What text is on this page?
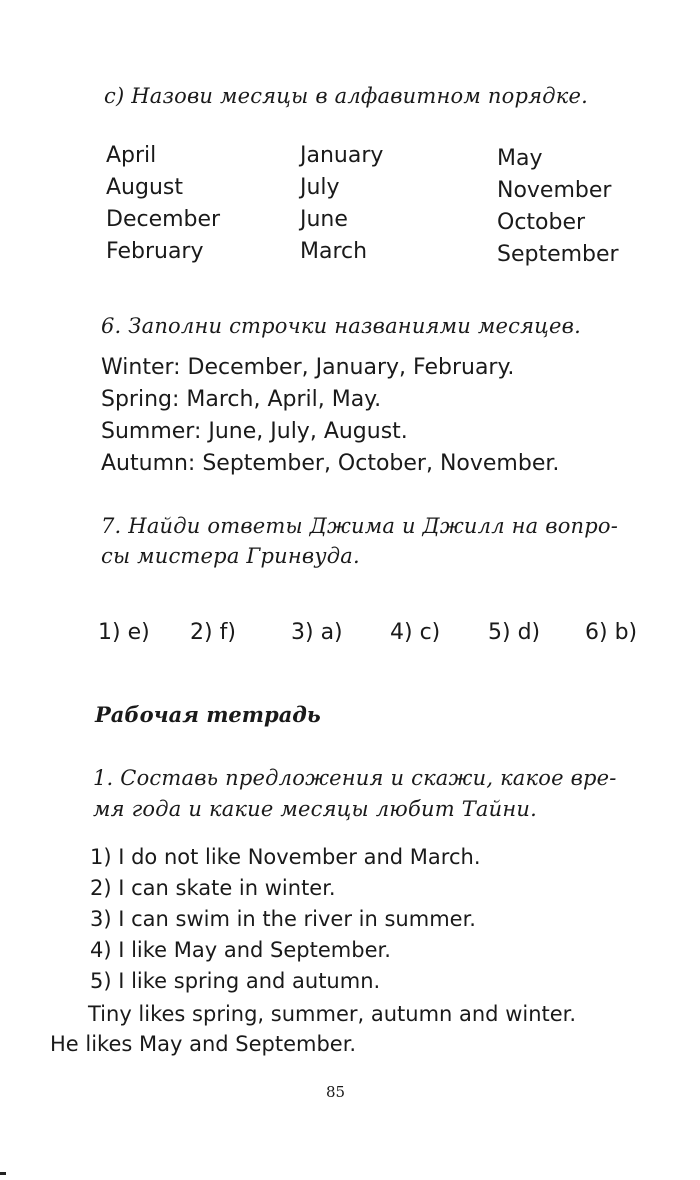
с) Назови месяцы в алфавитном порядке.
April
August
December
February
January
July
June
March
May
November
October
September
6. Заполни строчки названиями месяцев.
Winter: December, January, February.
Spring: March, April, May.
Summer: June, July, August.
Autumn: September, October, November.
7. Найди ответы Джима и Джилл на вопро-
сы мистера Гринвуда.
1) e) 2) f)	3) a) 4) c) 5) d) 6) b)
Рабочая тетрадь
1. Составь предложения и скажи, какое вре-
мя года и какие месяцы любит Тайни.
1) I do not like November and March.
2) I can skate in winter.
3) I can swim in the river in summer.
4) I like May and September.
5) I like spring and autumn.
Tiny likes spring, summer, autumn and winter.
He likes May and September.
85
